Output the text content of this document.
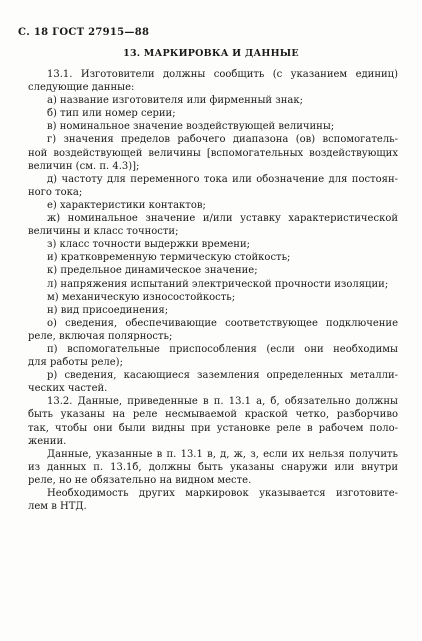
С. 18 ГОСТ 27915—88
13. МАРКИРОВКА И ДАННЫЕ
13.1. Изготовители должны сообщить (с указанием единиц)
следующие данные:
а) название изготовителя или фирменный знак;
б) тип или номер серии;
в) номинальное значение воздействующей величины;
г) значения пределов рабочего диапазона (ов) вспомогатель-
ной воздействующей величины [вспомогательных воздействующих
величин (см. п. 4.3)];
д) частоту для переменного тока или обозначение для постоян-
ного тока;
е) характеристики контактов;
ж) номинальное значение и/или уставку характеристической
величины и класс точности;
з) класс точности выдержки времени;
и) кратковременную термическую стойкость;
к) предельное динамическое значение;
л) напряжения испытаний электрической прочности изоляции;
м) механическую износостойкость;
н) вид присоединения;
о) сведения, обеспечивающие соответствующее подключение
реле, включая полярность;
п) вспомогательные приспособления (если они необходимы
для работы реле);
р) сведения, касающиеся заземления определенных металли-
ческих частей.
13.2. Данные, приведенные в п. 13.1 а, б, обязательно должны
быть указаны на реле несмываемой краской четко, разборчиво
так, чтобы они были видны при установке реле в рабочем поло-
жении.
Данные, указанные в п. 13.1 в, д, ж, з, если их нельзя получить
из данных п. 13.1б, должны быть указаны снаружи или внутри
реле, но не обязательно на видном месте.
Необходимость других маркировок указывается изготовите-
лем в НТД.
